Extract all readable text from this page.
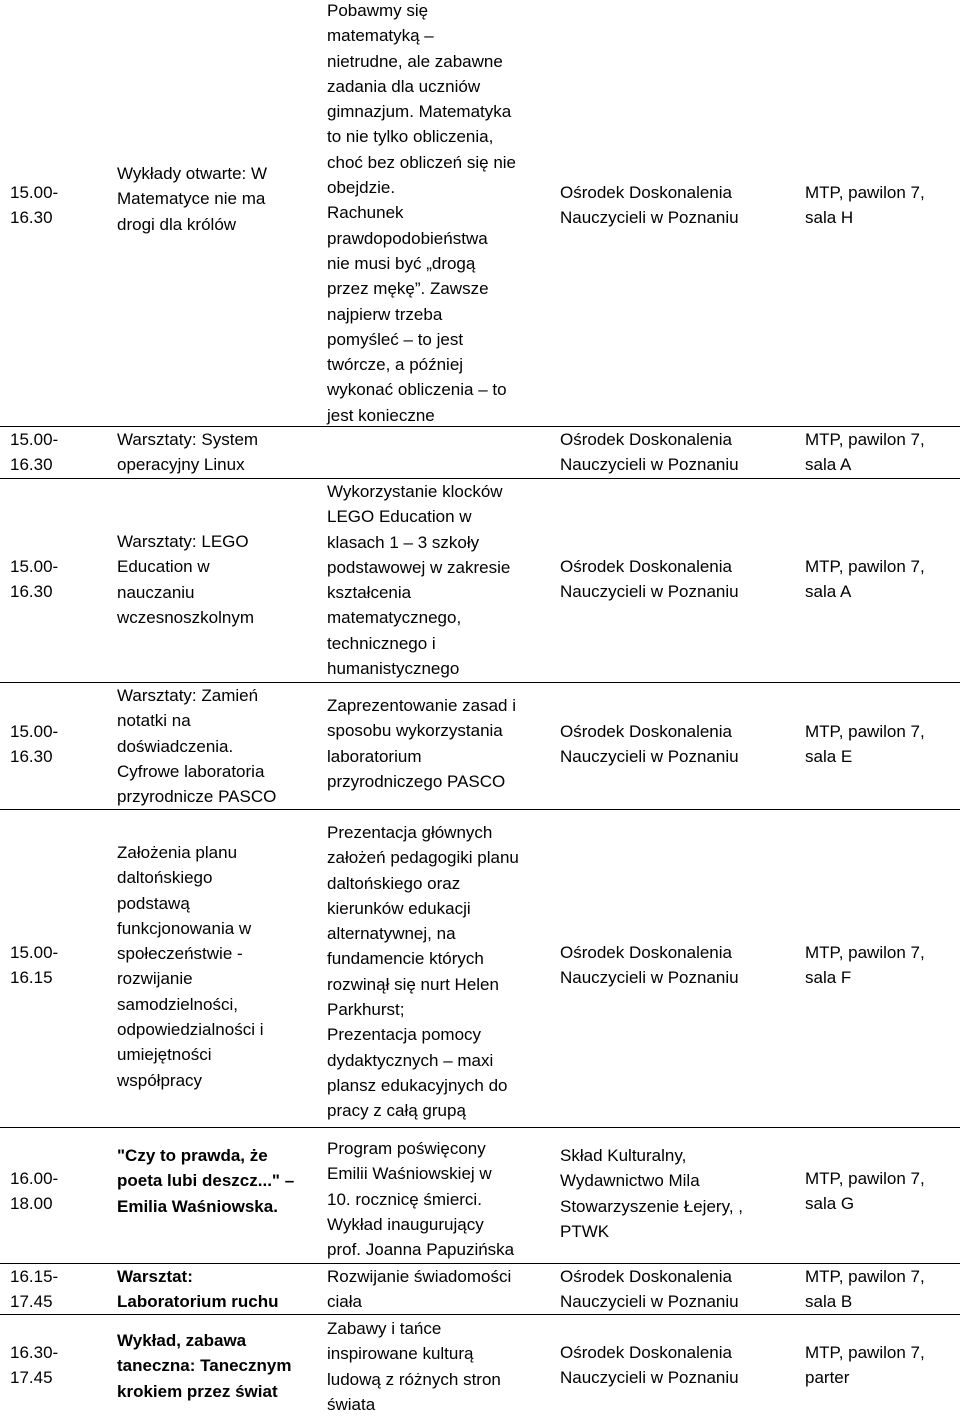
15.00-
16.30
Wykłady otwarte: W
Matematyce nie ma
drogi dla królów
Pobawmy się
matematyką –
nietrudne, ale zabawne
zadania dla uczniów
gimnazjum. Matematyka
to nie tylko obliczenia,
choć bez obliczeń się nie
obejdzie.
Rachunek
prawdopodobieństwa
nie musi być „drogą
przez mękę”. Zawsze
najpierw trzeba
pomyśleć – to jest
twórcze, a później
wykonać obliczenia – to
jest konieczne
Ośrodek Doskonalenia
Nauczycieli w Poznaniu
MTP, pawilon 7,
sala H
15.00-
16.30
Warsztaty: System
operacyjny Linux
Ośrodek Doskonalenia
Nauczycieli w Poznaniu
MTP, pawilon 7,
sala A
15.00-
16.30
Warsztaty: LEGO
Education w
nauczaniu
wczesnoszkolnym
Wykorzystanie klocków
LEGO Education w
klasach 1 – 3 szkoły
podstawowej w zakresie
kształcenia
matematycznego,
technicznego i
humanistycznego
Ośrodek Doskonalenia
Nauczycieli w Poznaniu
MTP, pawilon 7,
sala A
15.00-
16.30
Warsztaty: Zamień
notatki na
doświadczenia.
Cyfrowe laboratoria
przyrodnicze PASCO
Zaprezentowanie zasad i
sposobu wykorzystania
laboratorium
przyrodniczego PASCO
Ośrodek Doskonalenia
Nauczycieli w Poznaniu
MTP, pawilon 7,
sala E
15.00-
16.15
Założenia planu
daltońskiego
podstawą
funkcjonowania w
społeczeństwie -
rozwijanie
samodzielności,
odpowiedzialności i
umiejętności
współpracy
Prezentacja głównych
założeń pedagogiki planu
daltońskiego oraz
kierunków edukacji
alternatywnej, na
fundamencie których
rozwinął się nurt Helen
Parkhurst;
Prezentacja pomocy
dydaktycznych – maxi
plansz edukacyjnych do
pracy z całą grupą
Ośrodek Doskonalenia
Nauczycieli w Poznaniu
MTP, pawilon 7,
sala F
16.00-
18.00
"Czy to prawda, że
poeta lubi deszcz..." –
Emilia Waśniowska.
Program poświęcony
Emilii Waśniowskiej w
10. rocznicę śmierci.
Wykład inaugurujący
prof. Joanna Papuzińska
Skład Kulturalny,
Wydawnictwo Mila
Stowarzyszenie Łejery, ,
PTWK
MTP, pawilon 7,
sala G
16.15-
17.45
Warsztat:
Laboratorium ruchu
Rozwijanie świadomości
ciała
Ośrodek Doskonalenia
Nauczycieli w Poznaniu
MTP, pawilon 7,
sala B
16.30-
17.45
Wykład, zabawa
taneczna: Tanecznym
krokiem przez świat
Zabawy i tańce
inspirowane kulturą
ludową z różnych stron
świata
Ośrodek Doskonalenia
Nauczycieli w Poznaniu
MTP, pawilon 7,
parter
